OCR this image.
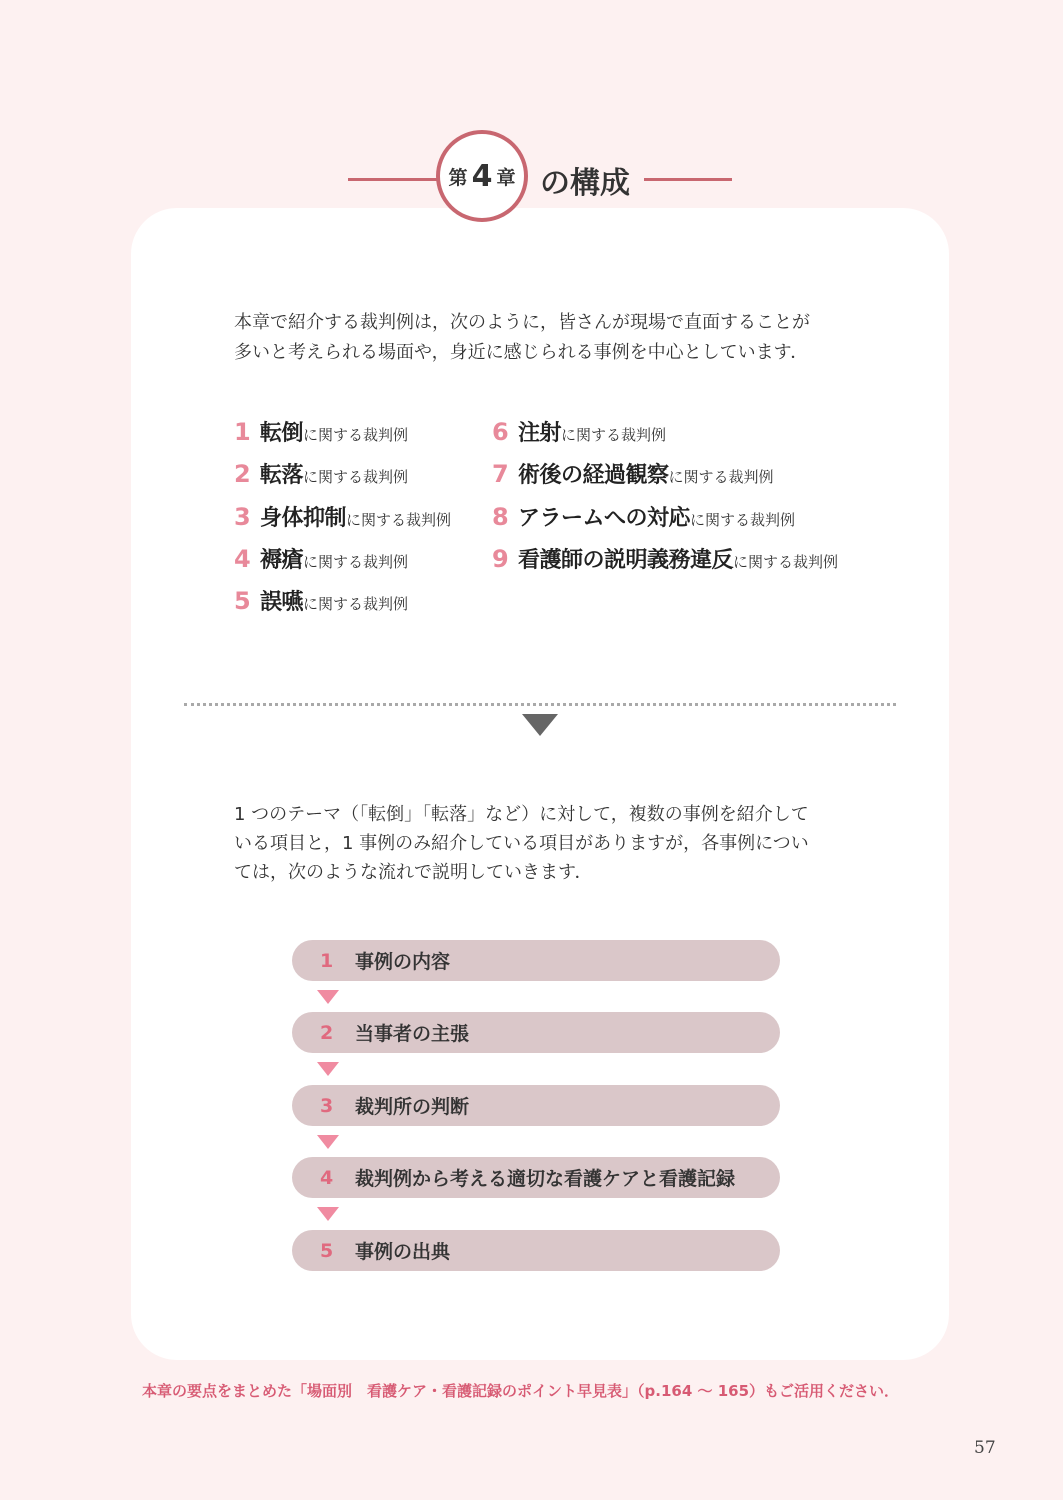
第 4 章 の構成
本章で紹介する裁判例は，次のように，皆さんが現場で直面することが
多いと考えられる場面や，身近に感じられる事例を中心としています．
1 転倒 に関する裁判例
2 転落 に関する裁判例
3 身体抑制 に関する裁判例
4 褥瘡 に関する裁判例
5 誤嚥 に関する裁判例
6 注射 に関する裁判例
7 術後の経過観察 に関する裁判例
8 アラームへの対応 に関する裁判例
9 看護師の説明義務違反 に関する裁判例
1 つのテーマ（「転倒」「転落」など）に対して，複数の事例を紹介して
いる項目と，1 事例のみ紹介している項目がありますが，各事例につい
ては，次のような流れで説明していきます．
1	事例の内容
2	当事者の主張
3	裁判所の判断
4	裁判例から考える適切な看護ケアと看護記録
5	事例の出典
本章の要点をまとめた「場面別　看護ケア・看護記録のポイント早見表」（p.164 〜 165）もご活用ください．
57
